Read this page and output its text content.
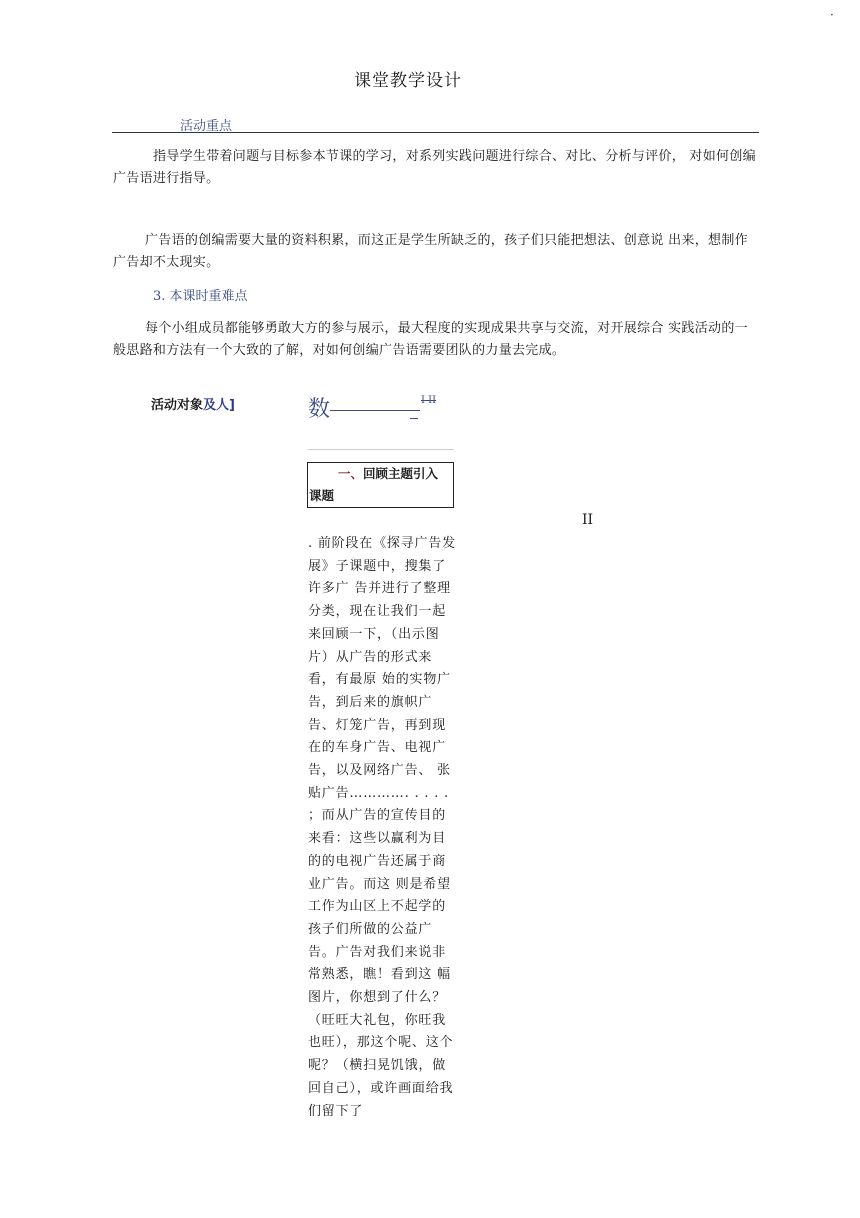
·
课堂教学设计
活动重点
指导学生带着问题与目标参本节课的学习，对系列实践问题进行综合、对比、分析与评价， 对如何创编广告语进行指导。
广告语的创编需要大量的资料积累，而这正是学生所缺乏的，孩子们只能把想法、创意说 出来，想制作广告却不太现实。
3. 本课时重难点
每个小组成员都能够勇敢大方的参与展示，最大程度的实现成果共享与交流，对开展综合 实践活动的一般思路和方法有一个大致的了解，对如何创编广告语需要团队的力量去完成。
活动对象及人]	数	I II
一、回顾主题引入
课题
II
. 前阶段在《探寻广告发展》子课题中，搜集了许多广 告并进行了整理分类，现在让我们一起来回顾一下，（出示图片）从广告的形式来看，有最原 始的实物广告，到后来的旗帜广告、灯笼广告，再到现在的车身广告、电视广告，以及网络广告、 张贴广告…………. . . . . ；而从广告的宣传目的来看：这些以赢利为目的的电视广告还属于商业广告。而这 则是希望工作为山区上不起学的孩子们所做的公益广告。广告对我们来说非常熟悉，瞧！看到这 幅图片，你想到了什么？（旺旺大礼包，你旺我也旺），那这个呢、这个呢？（横扫晃饥饿，做 回自己），或许画面给我们留下了
